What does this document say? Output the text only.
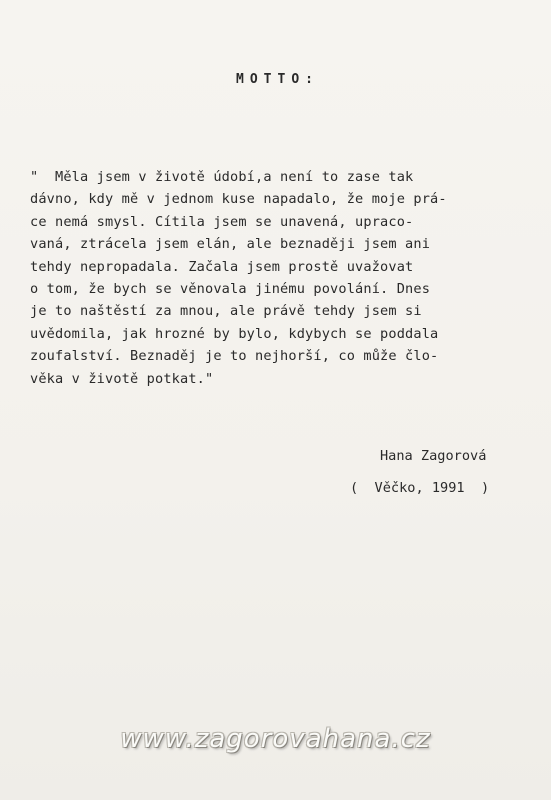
MOTTO:
"  Měla jsem v životě údobí,a není to zase tak
dávno, kdy mě v jednom kuse napadalo, že moje prá-
ce nemá smysl. Cítila jsem se unavená, upraco-
vaná, ztrácela jsem elán, ale beznaději jsem ani
tehdy nepropadala. Začala jsem prostě uvažovat
o tom, že bych se věnovala jinému povolání. Dnes
je to naštěstí za mnou, ale právě tehdy jsem si
uvědomila, jak hrozné by bylo, kdybych se poddala
zoufalství. Beznaděj je to nejhorší, co může člo-
věka v životě potkat."
Hana Zagorová
(  Věčko, 1991  )
www.zagorovahana.cz
